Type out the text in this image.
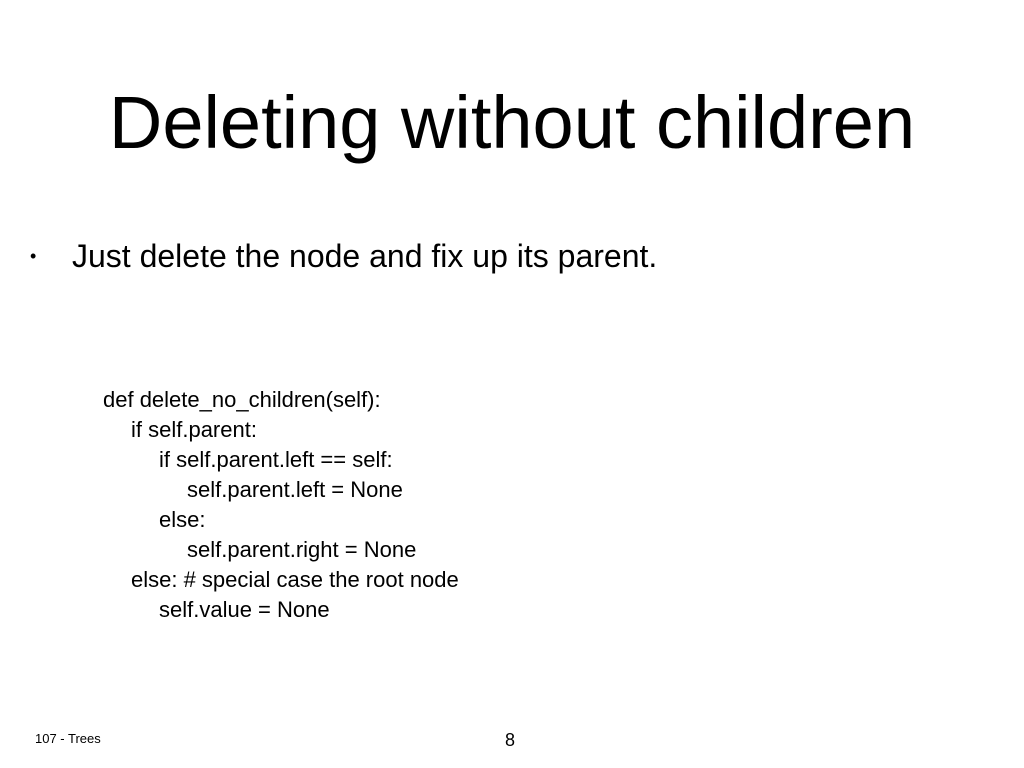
Deleting without children
•	Just delete the node and fix up its parent.
def delete_no_children(self):
if self.parent:
if self.parent.left == self:
self.parent.left = None
else:
self.parent.right = None
else: # special case the root node
self.value = None
107 - Trees	8
